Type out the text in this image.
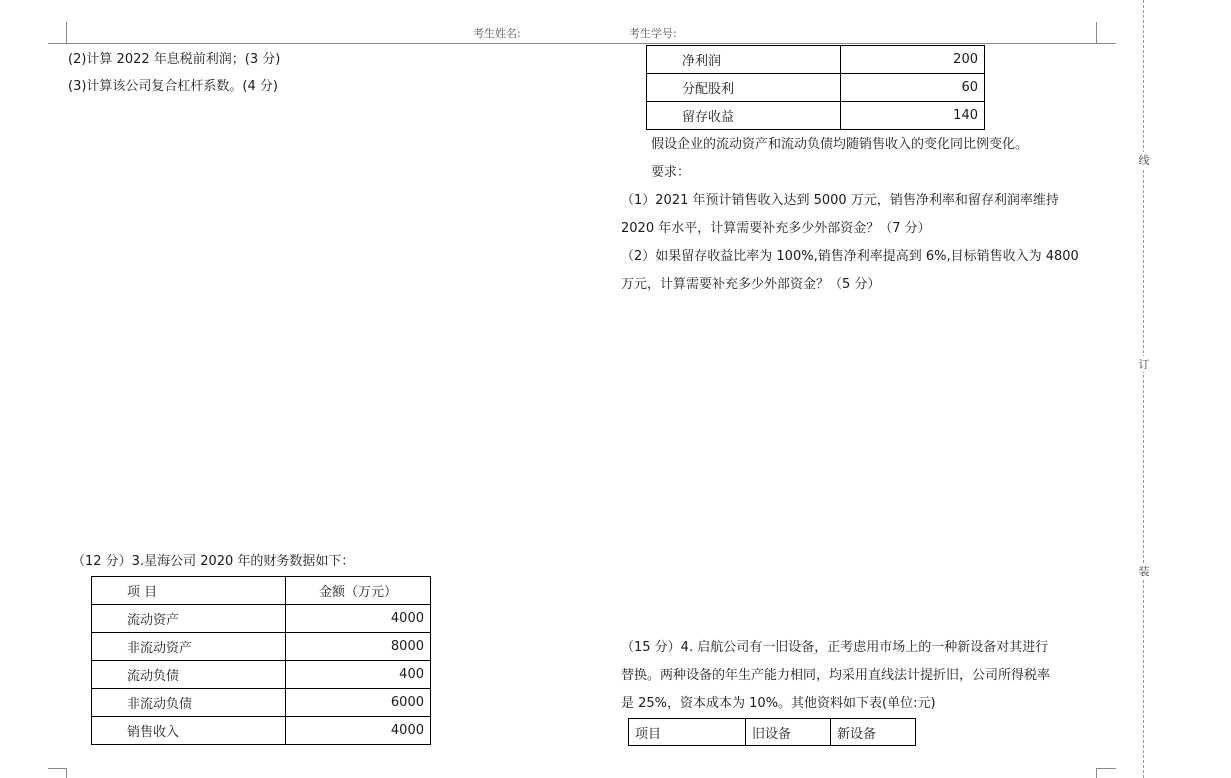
考生姓名:	考生学号:
线
订
装
(2)计算 2022 年息税前利润；(3 分)
(3)计算该公司复合杠杆系数。(4 分)
（12 分）3.星海公司 2020 年的财务数据如下：
项 目	金额（万元）
流动资产	4000
非流动资产	8000
流动负债	400
非流动负债	6000
销售收入	4000
净利润	200
分配股利	60
留存收益	140
假设企业的流动资产和流动负债均随销售收入的变化同比例变化。
要求：
（1）2021 年预计销售收入达到 5000 万元，销售净利率和留存利润率维持
2020 年水平，计算需要补充多少外部资金？（7 分）
（2）如果留存收益比率为 100%,销售净利率提高到 6%,目标销售收入为 4800
万元，计算需要补充多少外部资金？（5 分）
（15 分）4. 启航公司有一旧设备，正考虑用市场上的一种新设备对其进行
替换。两种设备的年生产能力相同，均采用直线法计提折旧，公司所得税率
是 25%，资本成本为 10%。其他资料如下表(单位:元)
项目	旧设备	新设备
